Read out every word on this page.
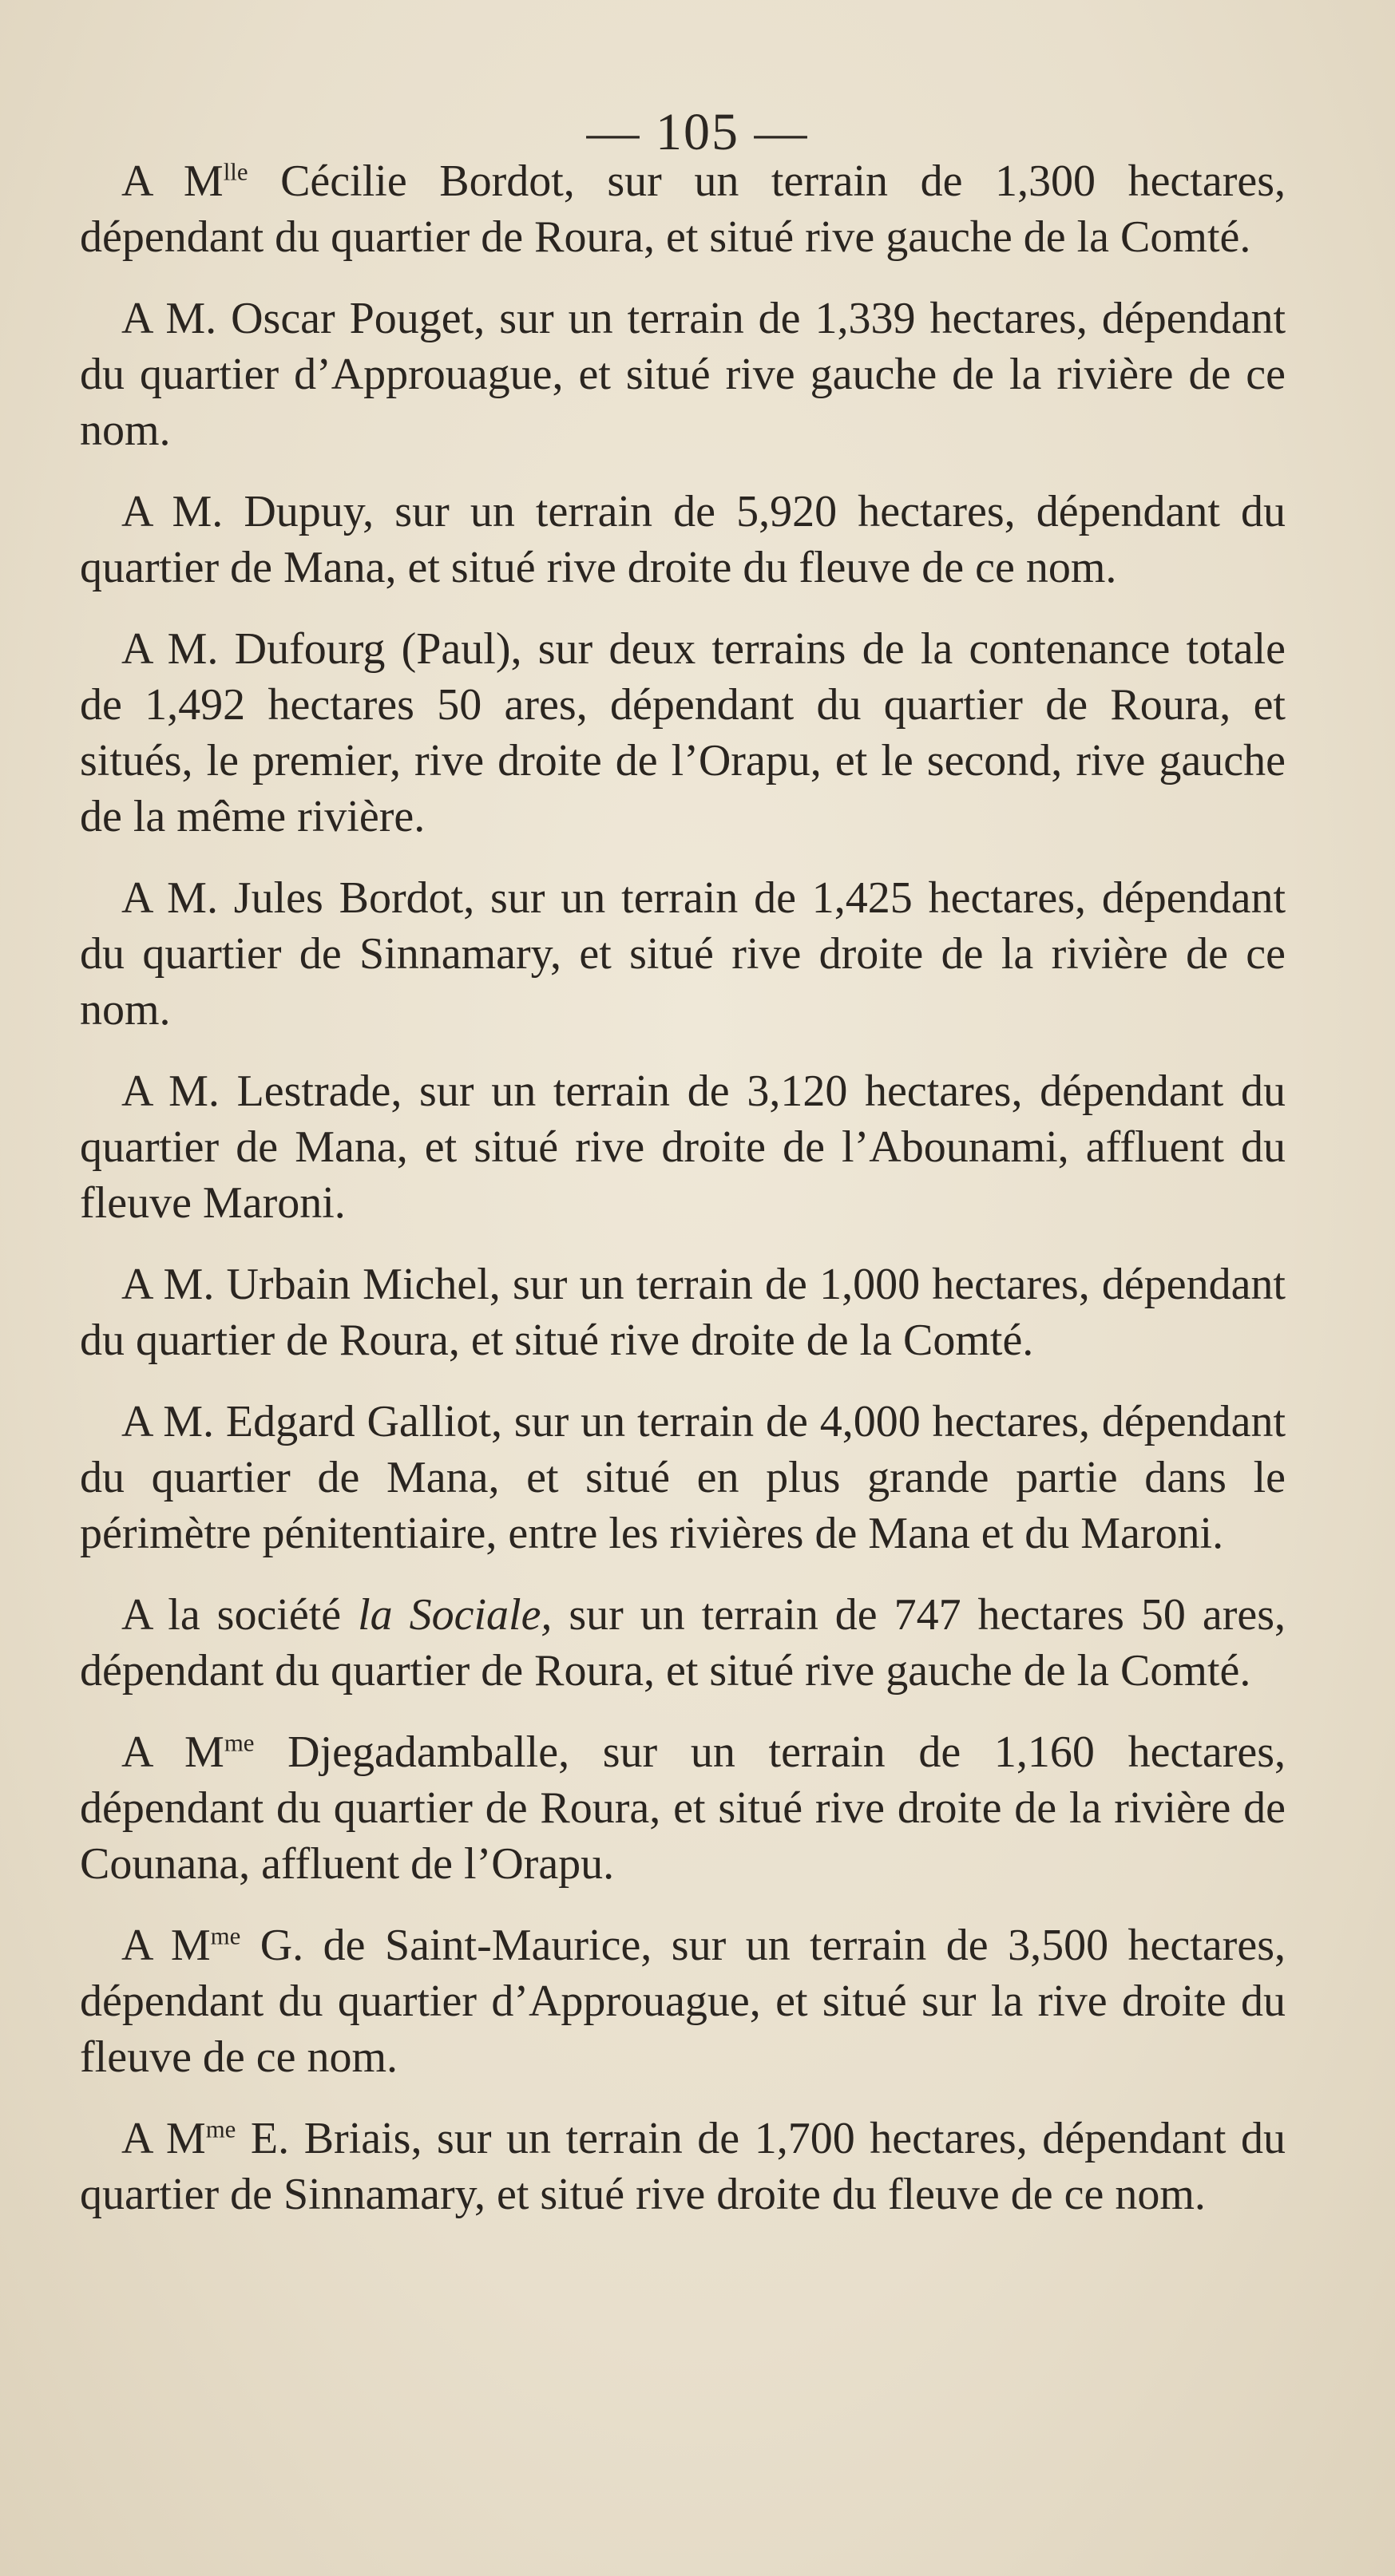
— 105 —

A $M^{lle}$ Cécilie Bordot, sur un terrain de 1,300 hectares, dépendant du quartier de Roura, et situé rive gauche de la Comté.

A M. Oscar Pouget, sur un terrain de 1,339 hectares, dépendant du quartier d’Approuague, et situé rive gauche de la rivière de ce nom.

A M. Dupuy, sur un terrain de 5,920 hectares, dépendant du quartier de Mana, et situé rive droite du fleuve de ce nom.

A M. Dufourg (Paul), sur deux terrains de la contenance totale de 1,492 hectares 50 ares, dépendant du quartier de Roura, et situés, le premier, rive droite de l’Orapu, et le second, rive gauche de la même rivière.

A M. Jules Bordot, sur un terrain de 1,425 hectares, dépendant du quartier de Sinnamary, et situé rive droite de la rivière de ce nom.

A M. Lestrade, sur un terrain de 3,120 hectares, dépendant du quartier de Mana, et situé rive droite de l’Abounami, affluent du fleuve Maroni.

A M. Urbain Michel, sur un terrain de 1,000 hectares, dépendant du quartier de Roura, et situé rive droite de la Comté.

A M. Edgard Galliot, sur un terrain de 4,000 hectares, dépendant du quartier de Mana, et situé en plus grande partie dans le périmètre pénitentiaire, entre les rivières de Mana et du Maroni.

A la société la Sociale, sur un terrain de 747 hectares 50 ares, dépendant du quartier de Roura, et situé rive gauche de la Comté.

A $M^{me}$ Djegadamballe, sur un terrain de 1,160 hectares, dépendant du quartier de Roura, et situé rive droite de la rivière de Counana, affluent de l’Orapu.

A $M^{me}$ G. de Saint-Maurice, sur un terrain de 3,500 hectares, dépendant du quartier d’Approuague, et situé sur la rive droite du fleuve de ce nom.

A $M^{me}$ E. Briais, sur un terrain de 1,700 hectares, dépendant du quartier de Sinnamary, et situé rive droite du fleuve de ce nom.
